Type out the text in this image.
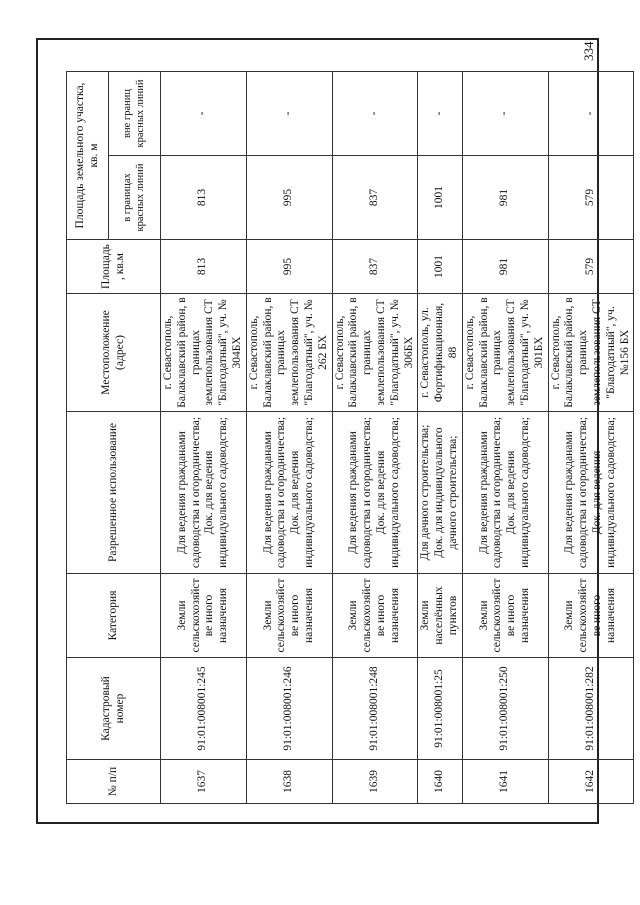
334
№ п/п	Кадастровый номер	Категория	Разрешенное использование	Местоположение (адрес)	Площадь, кв.м	Площадь земельного участка, кв. м	
						в границах красных линий	вне границ красных линий
1637	91:01:008001:245	Земли сельскохозяйстве иного назначения	Для ведения гражданами садоводства и огородничества; Док. для ведения индивидуального садоводства;	г. Севастополь, Балаклавский район, в границах землепользования СТ "Благодатный", уч. № 304БХ	813	813	-
1638	91:01:008001:246	Земли сельскохозяйстве иного назначения	Для ведения гражданами садоводства и огородничества; Док. для ведения индивидуального садоводства;	г. Севастополь, Балаклавский район, в границах землепользования СТ "Благодатный", уч. № 262 БХ	995	995	-
1639	91:01:008001:248	Земли сельскохозяйстве иного назначения	Для ведения гражданами садоводства и огородничества; Док. для ведения индивидуального садоводства;	г. Севастополь, Балаклавский район, в границах землепользования СТ "Благодатный", уч. № 306БХ	837	837	-
1640	91:01:008001:25	Земли населённых пунктов	Для дачного строительства; Док. для индивидуального дачного строительства;	г. Севастополь, ул. Фортификационная, 88	1001	1001	-
1641	91:01:008001:250	Земли сельскохозяйстве иного назначения	Для ведения гражданами садоводства и огородничества; Док. для ведения индивидуального садоводства;	г. Севастополь, Балаклавский район, в границах землепользования СТ "Благодатный", уч. № 301БХ	981	981	-
1642	91:01:008001:282	Земли сельскохозяйстве иного назначения	Для ведения гражданами садоводства и огородничества; Док. для ведения индивидуального садоводства;	г. Севастополь, Балаклавский район, в границах землепользования СТ "Благодатный", уч. №156 БХ	579	579	-
